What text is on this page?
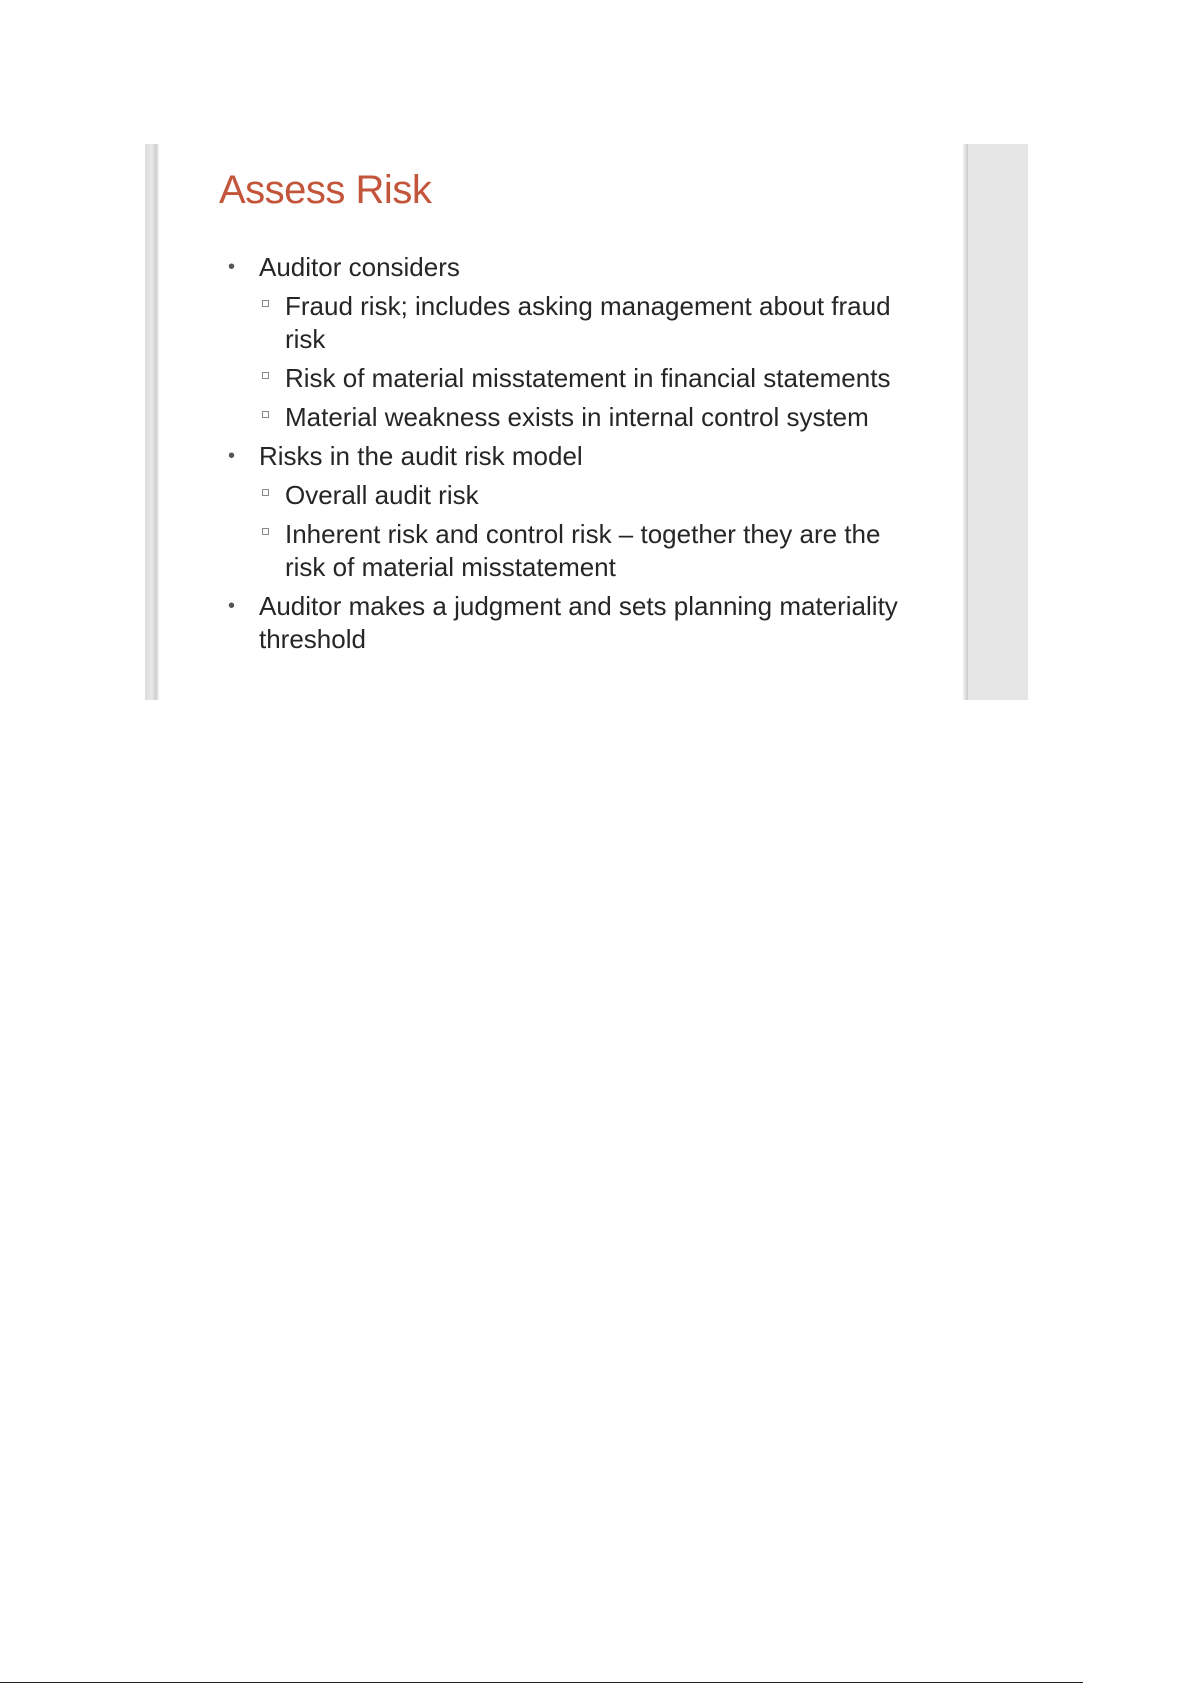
Assess Risk
• Auditor considers
Fraud risk; includes asking management about fraud risk
Risk of material misstatement in financial statements
Material weakness exists in internal control system
• Risks in the audit risk model
Overall audit risk
Inherent risk and control risk – together they are the risk of material misstatement
• Auditor makes a judgment and sets planning materiality threshold
